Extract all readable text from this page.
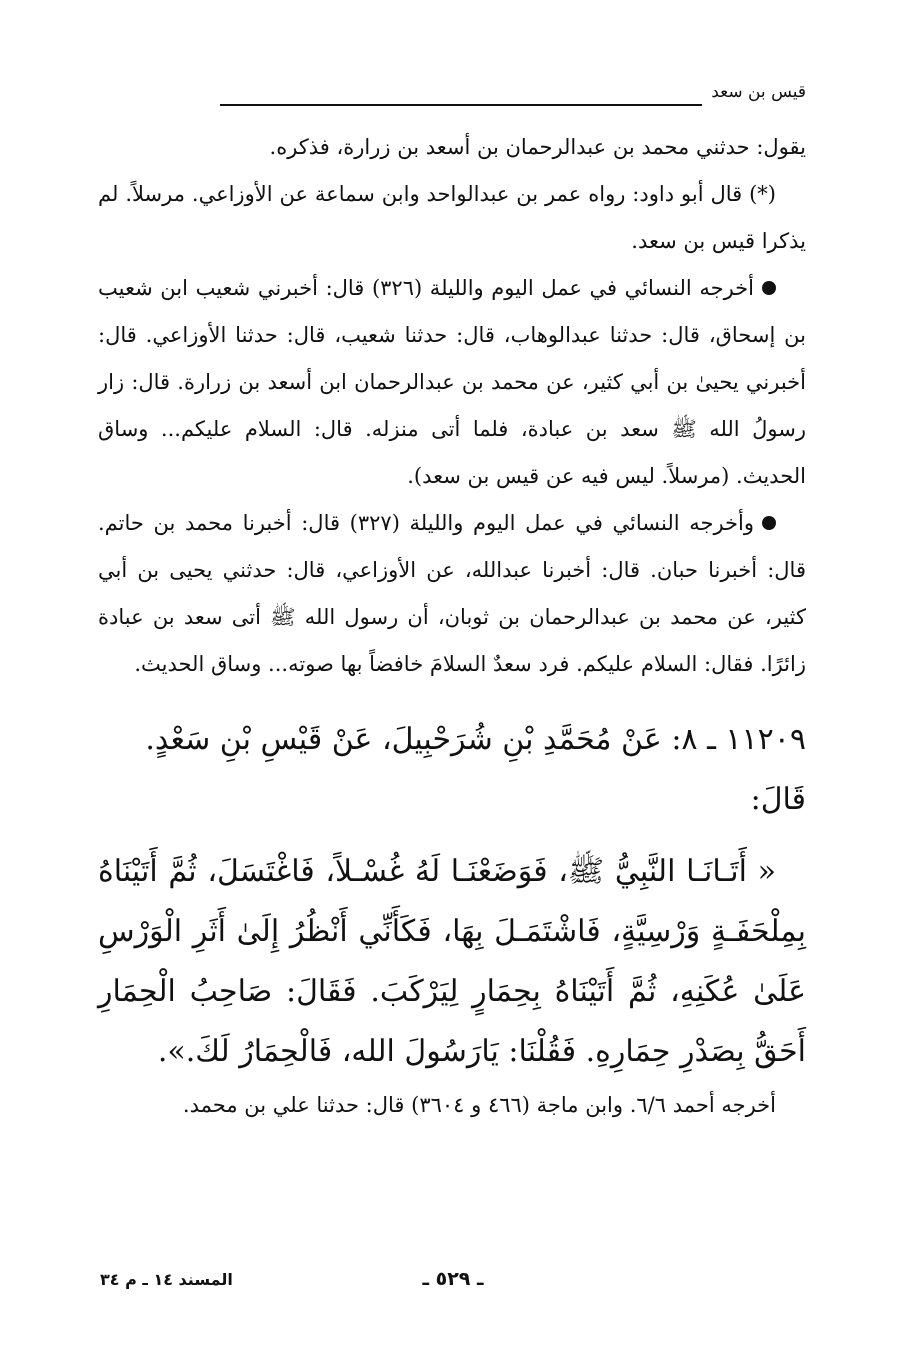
قيس بن سعد

يقول: حدثني محمد بن عبدالرحمان بن أسعد بن زرارة، فذكره.

(*) قال أبو داود: رواه عمر بن عبدالواحد وابن سماعة عن الأوزاعي. مرسلاً. لم يذكرا قيس بن سعد.

أخرجه النسائي في عمل اليوم والليلة (٣٢٦) قال: أخبرني شعيب ابن شعيب بن إسحاق، قال: حدثنا عبدالوهاب، قال: حدثنا شعيب، قال: حدثنا الأوزاعي. قال: أخبرني يحيىٰ بن أبي كثير، عن محمد بن عبدالرحمان ابن أسعد بن زرارة. قال: زار رسولُ الله ﷺ سعد بن عبادة، فلما أتى منزله. قال: السلام عليكم... وساق الحديث. (مرسلاً. ليس فيه عن قيس بن سعد).

وأخرجه النسائي في عمل اليوم والليلة (٣٢٧) قال: أخبرنا محمد بن حاتم. قال: أخبرنا حبان. قال: أخبرنا عبدالله، عن الأوزاعي، قال: حدثني يحيى بن أبي كثير، عن محمد بن عبدالرحمان بن ثوبان، أن رسول الله ﷺ أتى سعد بن عبادة زائرًا. فقال: السلام عليكم. فرد سعدٌ السلامَ خافضاً بها صوته... وساق الحديث.

١١٢٠٩ ـ ٨: عَنْ مُحَمَّدِ بْنِ شُرَحْبِيلَ، عَنْ قَيْسِ بْنِ سَعْدٍ.

قَالَ:

« أَتَـانَـا النَّبِيُّ ﷺ، فَوَضَعْنَـا لَهُ غُسْـلاً، فَاغْتَسَلَ، ثُمَّ أَتَيْنَاهُ بِمِلْحَفَـةٍ وَرْسِيَّةٍ، فَاشْتَمَـلَ بِهَا، فَكَأَنِّي أَنْظُرُ إِلَىٰ أَثَرِ الْوَرْسِ عَلَىٰ عُكَنِهِ، ثُمَّ أَتَيْنَاهُ بِحِمَارٍ لِيَرْكَبَ. فَقَالَ: صَاحِبُ الْحِمَارِ أَحَقُّ بِصَدْرِ حِمَارِهِ. فَقُلْنَا: يَارَسُولَ الله، فَالْحِمَارُ لَكَ.».

أخرجه أحمد ٦/٦. وابن ماجة (٤٦٦ و ٣٦٠٤) قال: حدثنا علي بن محمد.

ـ ٥٢٩ ـ
المسند ١٤ ـ م ٣٤
